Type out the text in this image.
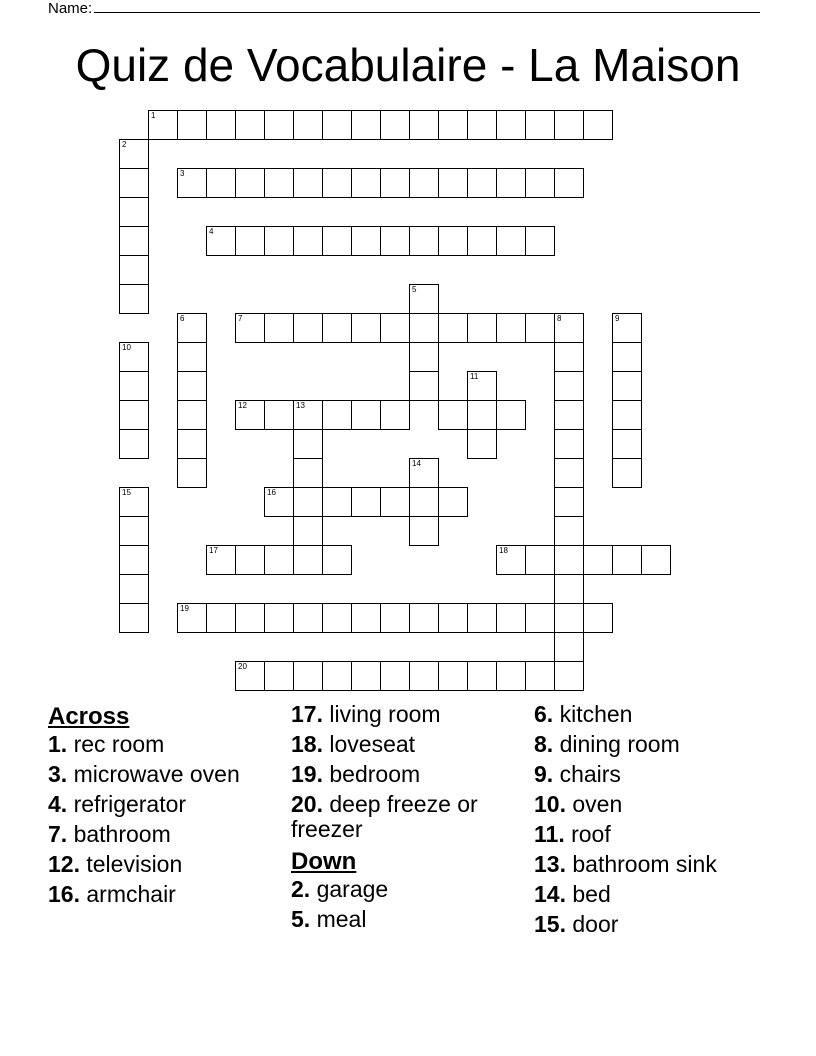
Name:
Quiz de Vocabulaire - La Maison
1
2
3
4
5
6	7	8	9
10
11
12	13
14
15	16
17	18
19
20
Across
1. rec room
3. microwave oven
4. refrigerator
7. bathroom
12. television
16. armchair
17. living room
18. loveseat
19. bedroom
20. deep freeze or freezer
Down
2. garage
5. meal
6. kitchen
8. dining room
9. chairs
10. oven
11. roof
13. bathroom sink
14. bed
15. door
